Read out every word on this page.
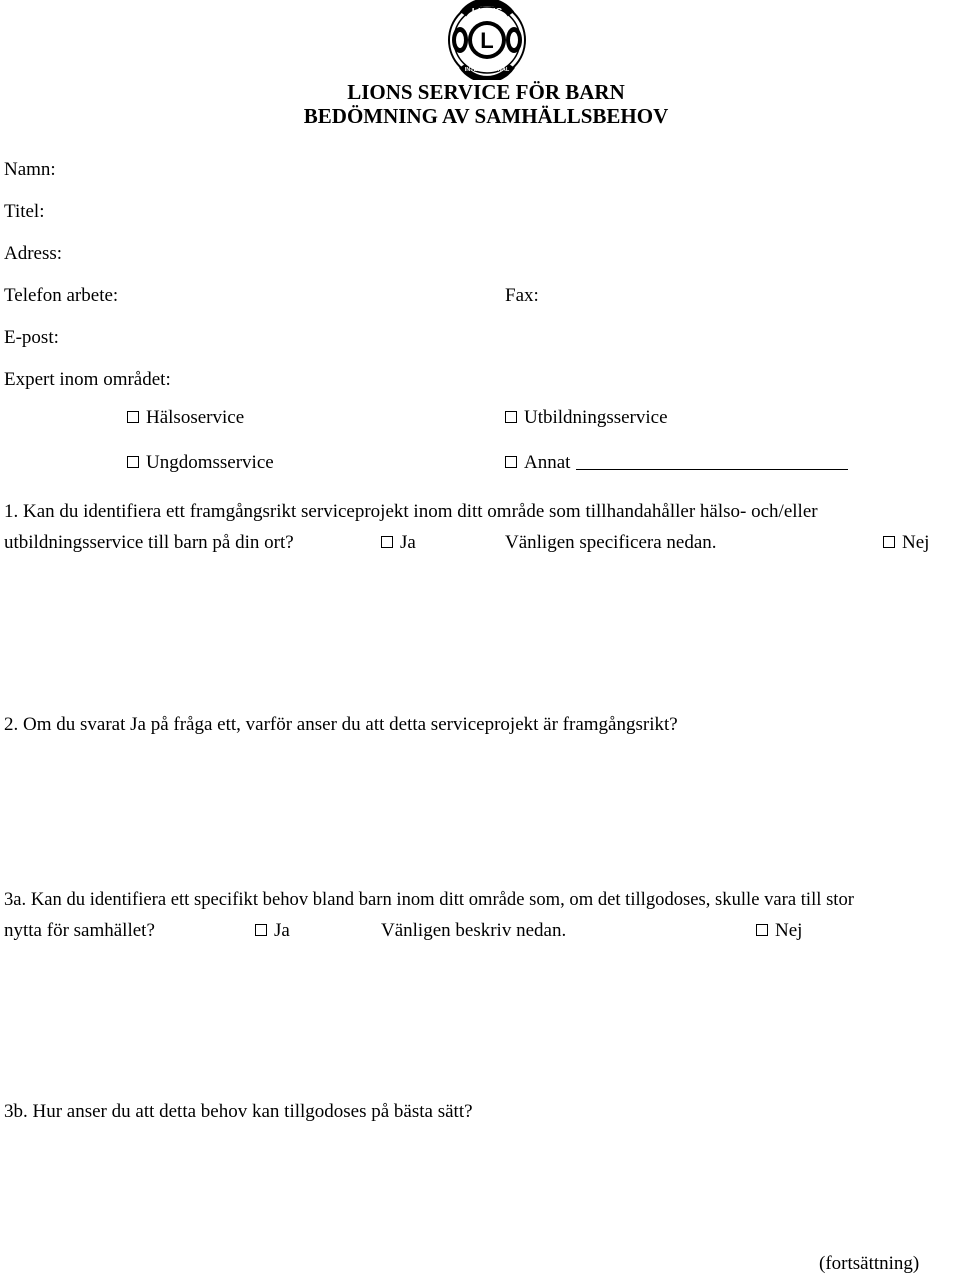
L
LIONS
INTERNATIONAL
LIONS SERVICE FÖR BARN
BEDÖMNING AV SAMHÄLLSBEHOV
Namn:
Titel:
Adress:
Telefon arbete:	Fax:
E-post:
Expert inom området:
Hälsoservice	Utbildningsservice
Ungdomsservice	Annat
1. Kan du identifiera ett framgångsrikt serviceprojekt inom ditt område som tillhandahåller hälso- och/eller
utbildningsservice till barn på din ort?	Ja	Vänligen specificera nedan.	Nej
2. Om du svarat Ja på fråga ett, varför anser du att detta serviceprojekt är framgångsrikt?
3a. Kan du identifiera ett specifikt behov bland barn inom ditt område som, om det tillgodoses, skulle vara till stor
nytta för samhället?	Ja	Vänligen beskriv nedan.	Nej
3b. Hur anser du att detta behov kan tillgodoses på bästa sätt?
(fortsättning)
